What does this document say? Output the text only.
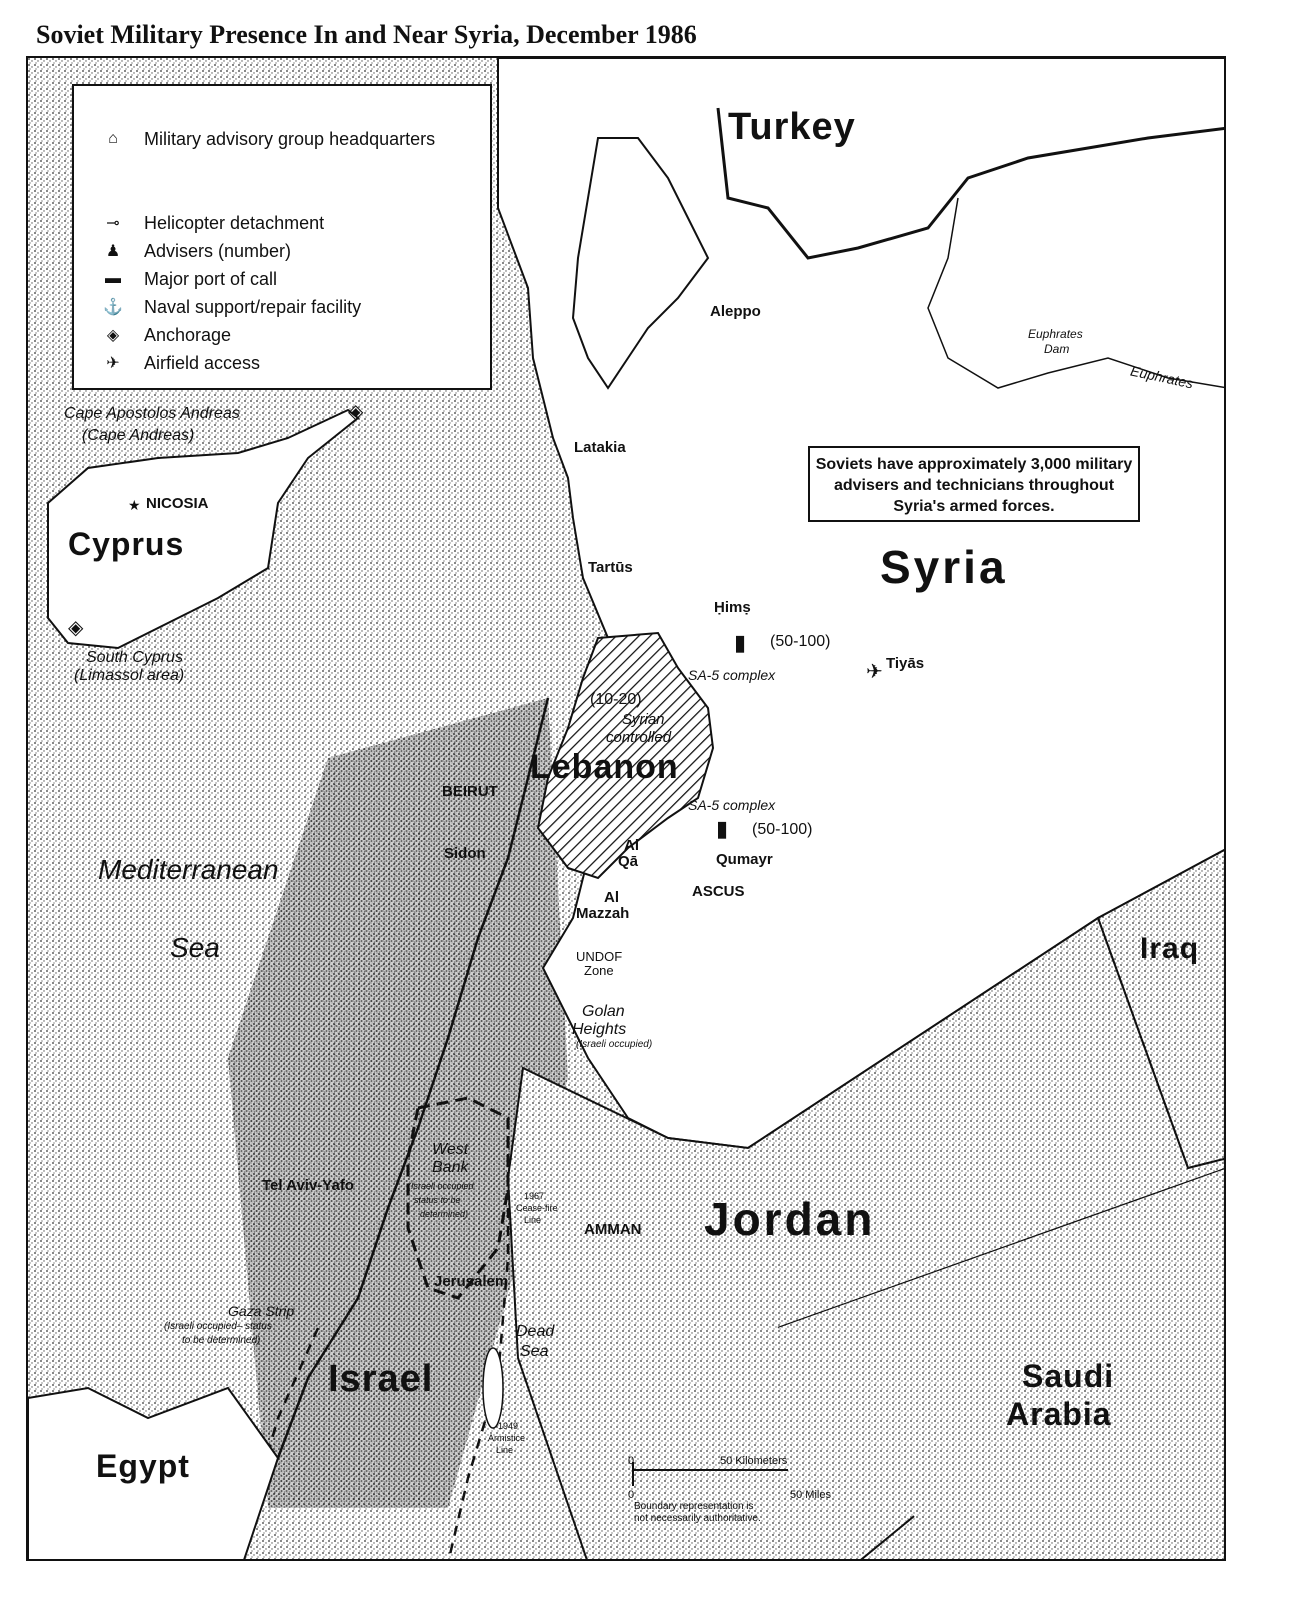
Soviet Military Presence In and Near Syria, December 1986
Turkey
Syria
Cyprus
Lebanon
Iraq
Jordan
Israel
Egypt
Saudi
Arabia
Mediterranean
Sea
Dead
Sea
Aleppo
Latakia
Tartūs
Ḥimṣ
Tiyās
NICOSIA
BEIRUT
Sidon	Qumayr
ASCUS
Al
Mazzah
Al
Qā
Tel Aviv-Yafo
AMMAN
Jerusalem
Euphrates
Euphrates
Dam
Cape Apostolos Andreas
(Cape Andreas)
South Cyprus
(Limassol area)	SA-5 complex
SA-5 complex
(50-100)
(50-100)
(10-20)
Syrian
controlled
UNDOF
Zone
Golan
Heights
(Israeli occupied)
West
Bank
(Israeli occupied
status to be
determined)
1967
Cease-fire
Line
Gaza Strip
(Israeli occupied– status
to be determined)
1949
Armistice
Line
50 Kilometers
50 Miles
0
0
Boundary representation is
not necessarily authoritative.
◈
◈
★
✈
▮
▮
⌂	Military advisory group headquarters
⊸	Helicopter detachment
♟	Advisers (number)
▬	Major port of call
⚓	Naval support/repair facility
◈	Anchorage
✈	Airfield access
Soviets have approximately 3,000 military advisers and technicians throughout Syria's armed forces.
